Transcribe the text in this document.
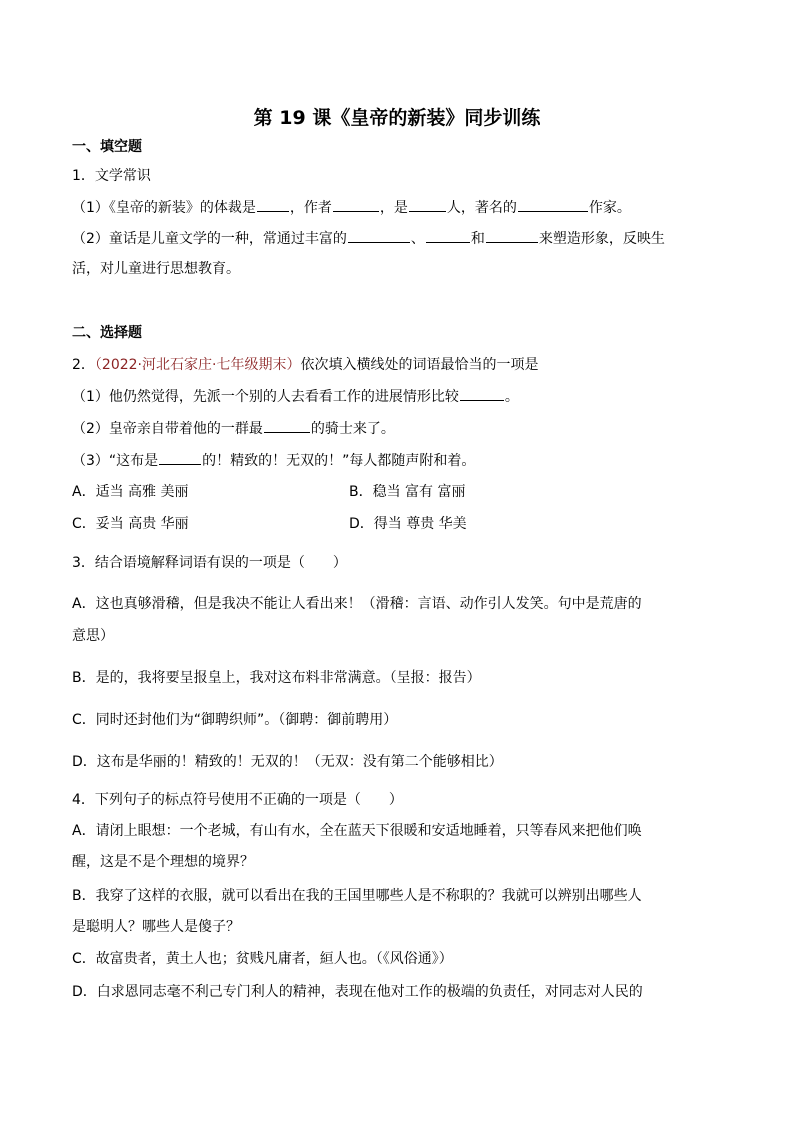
第 19 课《皇帝的新装》同步训练
一、填空题
1．文学常识
（1）《皇帝的新装》的体裁是 ，作者	，是	人，著名的	作家。
（2）童话是儿童文学的一种，常通过丰富的	、	和	来塑造形象，反映生
活，对儿童进行思想教育。
二、选择题
2．（2022·河北石家庄·七年级期末）依次填入横线处的词语最恰当的一项是
（1）他仍然觉得，先派一个别的人去看看工作的进展情形比较	。
（2）皇帝亲自带着他的一群最	的骑士来了。
（3）“这布是	的！精致的！无双的！”每人都随声附和着。
A．适当 高雅 美丽	B．稳当 富有 富丽
C．妥当 高贵 华丽	D．得当 尊贵 华美
3．结合语境解释词语有误的一项是（　　）
A．这也真够滑稽，但是我决不能让人看出来！（滑稽：言语、动作引人发笑。句中是荒唐的
意思）
B．是的，我将要呈报皇上，我对这布料非常满意。（呈报：报告）
C．同时还封他们为“御聘织师”。（御聘：御前聘用）
D．这布是华丽的！精致的！无双的！（无双：没有第二个能够相比）
4．下列句子的标点符号使用不正确的一项是（　　）
A．请闭上眼想：一个老城，有山有水，全在蓝天下很暖和安适地睡着，只等春风来把他们唤
醒，这是不是个理想的境界？
B．我穿了这样的衣服，就可以看出在我的王国里哪些人是不称职的？我就可以辨别出哪些人
是聪明人？哪些人是傻子？
C．故富贵者，黄土人也；贫贱凡庸者，絙人也。（《风俗通》）
D．白求恩同志毫不利己专门利人的精神，表现在他对工作的极端的负责任，对同志对人民的
